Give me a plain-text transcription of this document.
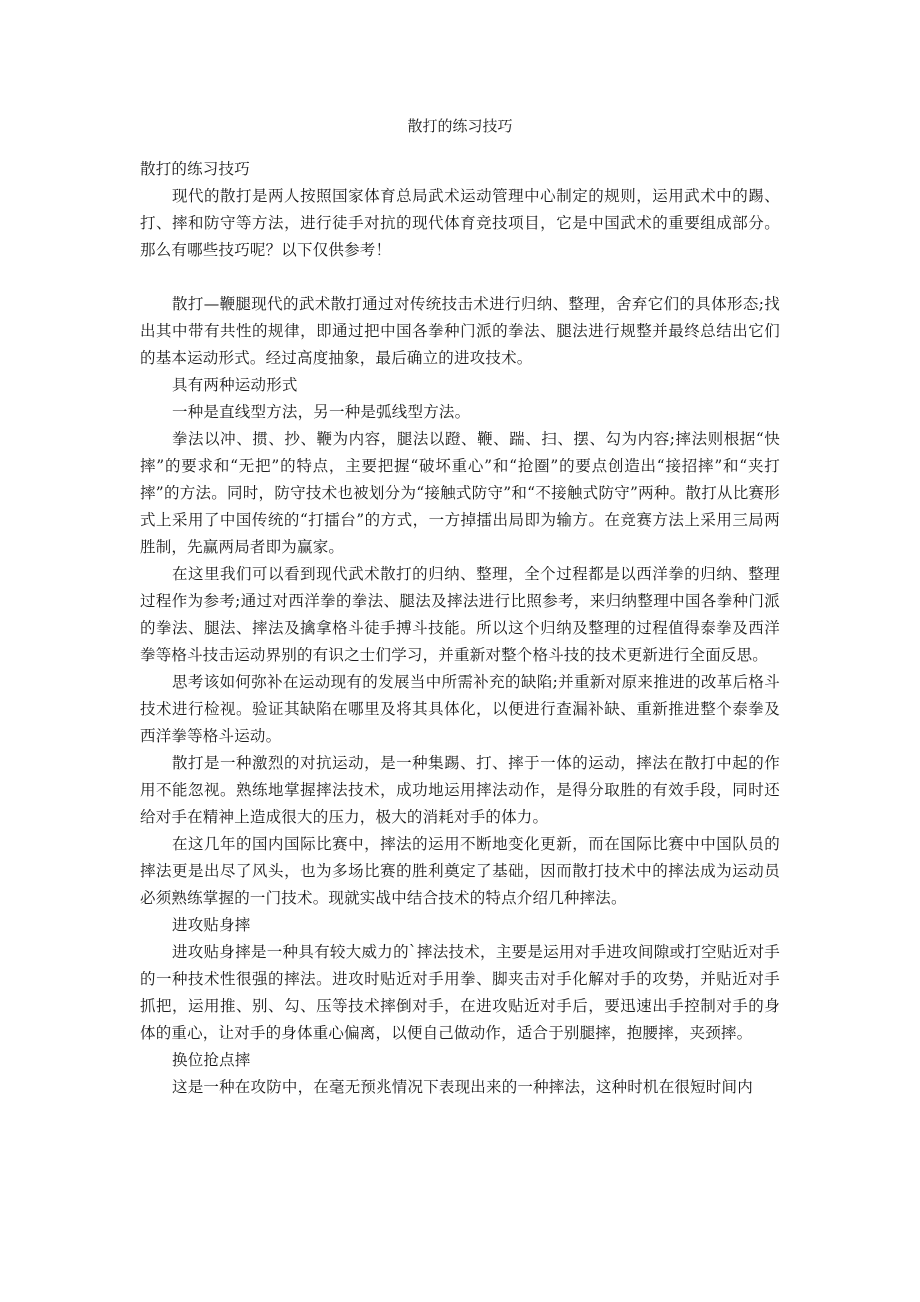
散打的练习技巧

散打的练习技巧

现代的散打是两人按照国家体育总局武术运动管理中心制定的规则，运用武术中的踢、打、摔和防守等方法，进行徒手对抗的现代体育竞技项目，它是中国武术的重要组成部分。那么有哪些技巧呢？以下仅供参考！

散打—鞭腿现代的武术散打通过对传统技击术进行归纳、整理，舍弃它们的具体形态;找出其中带有共性的规律，即通过把中国各拳种门派的拳法、腿法进行规整并最终总结出它们的基本运动形式。经过高度抽象，最后确立的进攻技术。

具有两种运动形式

一种是直线型方法，另一种是弧线型方法。

拳法以冲、掼、抄、鞭为内容，腿法以蹬、鞭、踹、扫、摆、勾为内容;摔法则根据“快摔”的要求和“无把”的特点，主要把握“破坏重心”和“抢圈”的要点创造出“接招摔”和“夹打摔”的方法。同时，防守技术也被划分为“接触式防守”和“不接触式防守”两种。散打从比赛形式上采用了中国传统的“打擂台”的方式，一方掉擂出局即为输方。在竞赛方法上采用三局两胜制，先赢两局者即为赢家。

在这里我们可以看到现代武术散打的归纳、整理，全个过程都是以西洋拳的归纳、整理过程作为参考;通过对西洋拳的拳法、腿法及摔法进行比照参考，来归纳整理中国各拳种门派的拳法、腿法、摔法及擒拿格斗徒手搏斗技能。所以这个归纳及整理的过程值得泰拳及西洋拳等格斗技击运动界别的有识之士们学习，并重新对整个格斗技的技术更新进行全面反思。

思考该如何弥补在运动现有的发展当中所需补充的缺陷;并重新对原来推进的改革后格斗技术进行检视。验证其缺陷在哪里及将其具体化，以便进行查漏补缺、重新推进整个泰拳及西洋拳等格斗运动。

散打是一种激烈的对抗运动，是一种集踢、打、摔于一体的运动，摔法在散打中起的作用不能忽视。熟练地掌握摔法技术，成功地运用摔法动作，是得分取胜的有效手段，同时还给对手在精神上造成很大的压力，极大的消耗对手的体力。

在这几年的国内国际比赛中，摔法的运用不断地变化更新，而在国际比赛中中国队员的摔法更是出尽了风头，也为多场比赛的胜利奠定了基础，因而散打技术中的摔法成为运动员必须熟练掌握的一门技术。现就实战中结合技术的特点介绍几种摔法。

进攻贴身摔

进攻贴身摔是一种具有较大威力的`摔法技术，主要是运用对手进攻间隙或打空贴近对手的一种技术性很强的摔法。进攻时贴近对手用拳、脚夹击对手化解对手的攻势，并贴近对手抓把，运用推、别、勾、压等技术摔倒对手，在进攻贴近对手后，要迅速出手控制对手的身体的重心，让对手的身体重心偏离，以便自己做动作，适合于别腿摔，抱腰摔，夹颈摔。

换位抢点摔

这是一种在攻防中，在毫无预兆情况下表现出来的一种摔法，这种时机在很短时间内
